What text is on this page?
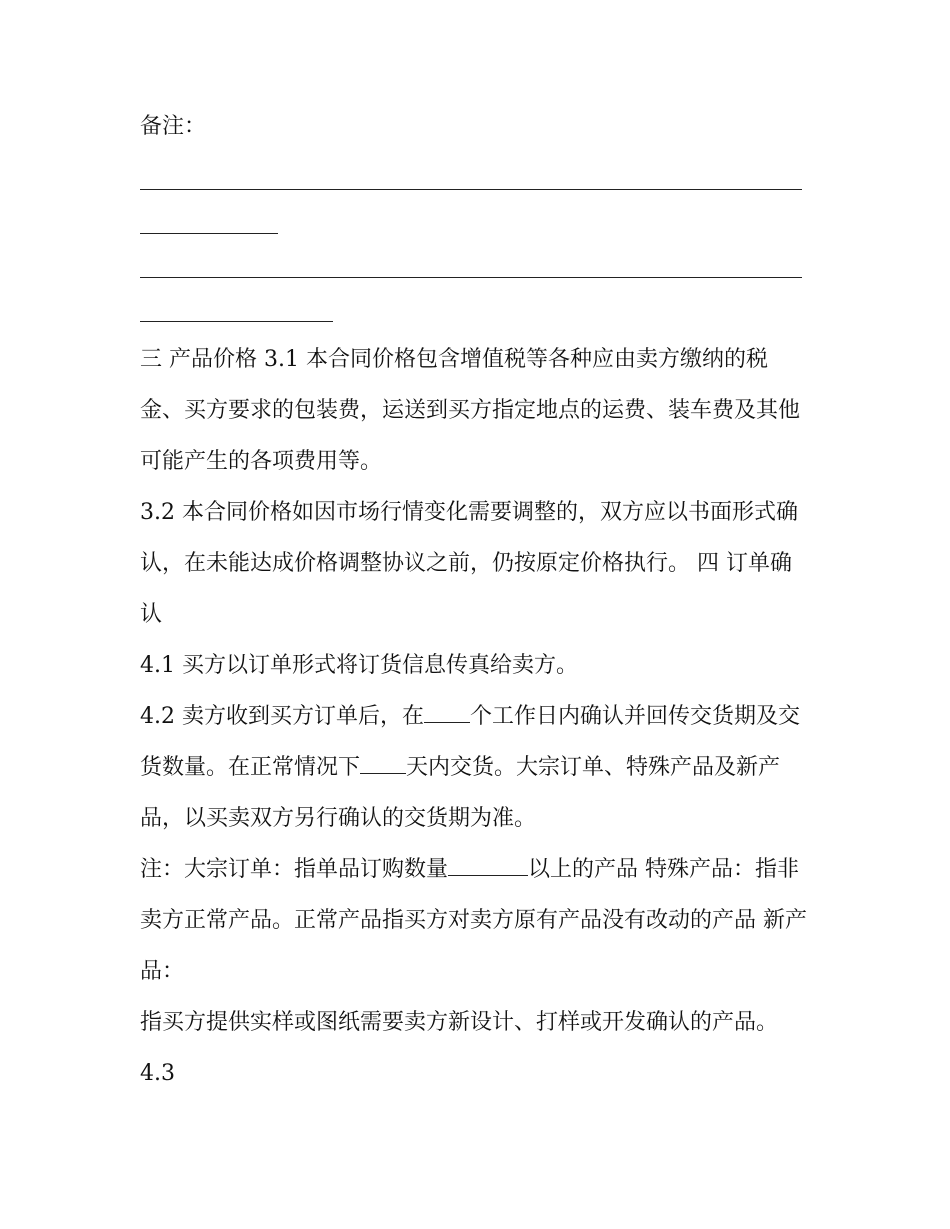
备注：

三 产品价格 3.1 本合同价格包含增值税等各种应由卖方缴纳的税金、买方要求的包装费，运送到买方指定地点的运费、装车费及其他可能产生的各项费用等。

3.2 本合同价格如因市场行情变化需要调整的，双方应以书面形式确认，在未能达成价格调整协议之前，仍按原定价格执行。 四 订单确认

4.1 买方以订单形式将订货信息传真给卖方。

4.2 卖方收到买方订单后，在 个工作日内确认并回传交货期及交货数量。在正常情况下 天内交货。大宗订单、特殊产品及新产品，以买卖双方另行确认的交货期为准。

注：大宗订单：指单品订购数量	以上的产品 特殊产品：指非卖方正常产品。正常产品指买方对卖方原有产品没有改动的产品 新产品：

指买方提供实样或图纸需要卖方新设计、打样或开发确认的产品。 4.3
